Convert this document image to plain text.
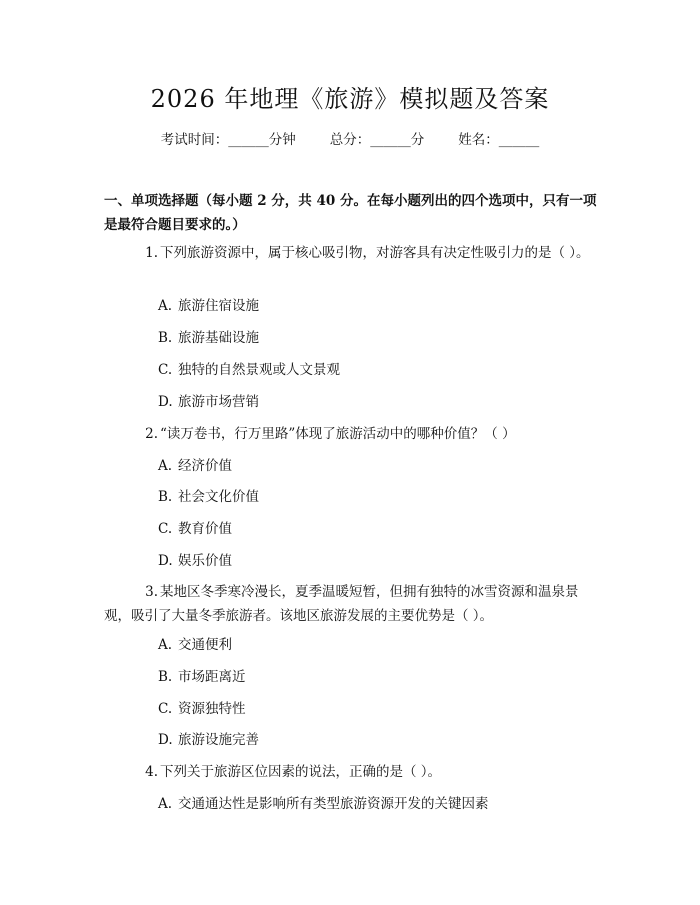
2026 年地理《旅游》模拟题及答案
考试时间：______分钟	总分：______分	姓名：______
一、单项选择题（每小题 2 分，共 40 分。在每小题列出的四个选项中，只有一项是最符合题目要求的。）
1. 下列旅游资源中，属于核心吸引物，对游客具有决定性吸引力的是（ ）。
A. 旅游住宿设施
B. 旅游基础设施
C. 独特的自然景观或人文景观
D. 旅游市场营销
2. “读万卷书，行万里路”体现了旅游活动中的哪种价值？（ ）
A. 经济价值
B. 社会文化价值
C. 教育价值
D. 娱乐价值
3. 某地区冬季寒冷漫长，夏季温暖短暂，但拥有独特的冰雪资源和温泉景观，吸引了大量冬季旅游者。该地区旅游发展的主要优势是（ ）。
A. 交通便利
B. 市场距离近
C. 资源独特性
D. 旅游设施完善
4. 下列关于旅游区位因素的说法，正确的是（ ）。
A. 交通通达性是影响所有类型旅游资源开发的关键因素
